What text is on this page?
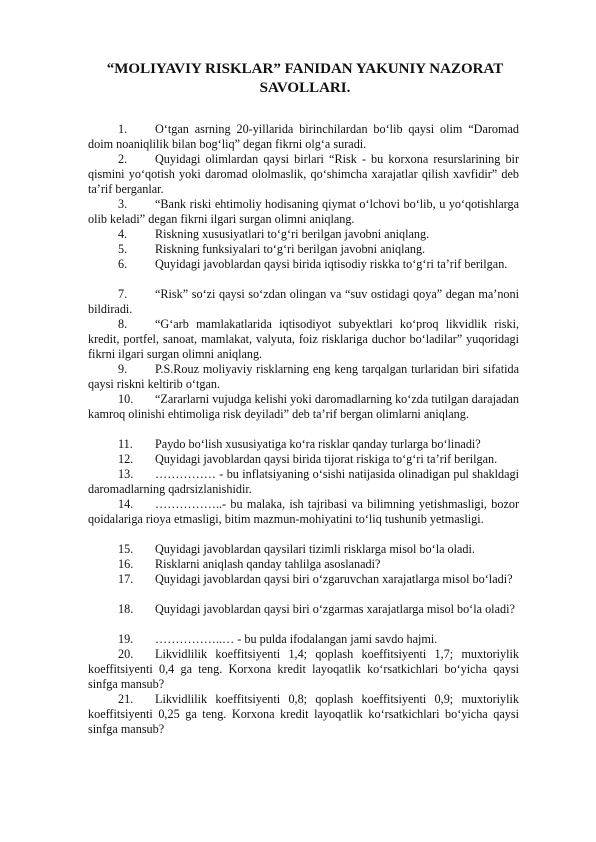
“MOLIYAVIY RISKLAR” FANIDAN YAKUNIY NAZORAT SAVOLLARI.
1. Oʻtgan asrning 20-yillarida birinchilardan boʻlib qaysi olim “Daromad doim noaniqlilik bilan bogʻliq” degan fikrni olgʻa suradi.
2. Quyidagi olimlardan qaysi birlari “Risk - bu korxona resurslarining bir qismini yoʻqotish yoki daromad ololmaslik, qoʻshimcha xarajatlar qilish xavfidir” deb taʼrif berganlar.
3. “Bank riski ehtimoliy hodisaning qiymat oʻlchovi boʻlib, u yoʻqotishlarga olib keladi” degan fikrni ilgari surgan olimni aniqlang.
4. Riskning xususiyatlari toʻgʻri berilgan javobni aniqlang.
5. Riskning funksiyalari toʻgʻri berilgan javobni aniqlang.
6. Quyidagi javoblardan qaysi birida iqtisodiy riskka toʻgʻri taʼrif berilgan.
7. “Risk” soʻzi qaysi soʻzdan olingan va “suv ostidagi qoya” degan maʼnoni bildiradi.
8. “Gʻarb mamlakatlarida iqtisodiyot subyektlari koʻproq likvidlik riski, kredit, portfel, sanoat, mamlakat, valyuta, foiz risklariga duchor boʻladilar” yuqoridagi fikrni ilgari surgan olimni aniqlang.
9. P.S.Rouz moliyaviy risklarning eng keng tarqalgan turlaridan biri sifatida qaysi riskni keltirib oʻtgan.
10. “Zararlarni vujudga kelishi yoki daromadlarning koʻzda tutilgan darajadan kamroq olinishi ehtimoliga risk deyiladi” deb taʼrif bergan olimlarni aniqlang.
11. Paydo boʻlish xususiyatiga koʻra risklar qanday turlarga boʻlinadi?
12. Quyidagi javoblardan qaysi birida tijorat riskiga toʻgʻri taʼrif berilgan.
13. …………… - bu inflatsiyaning oʻsishi natijasida olinadigan pul shakldagi daromadlarning qadrsizlanishidir.
14. ……………..- bu malaka, ish tajribasi va bilimning yetishmasligi, bozor qoidalariga rioya etmasligi, bitim mazmun-mohiyatini toʻliq tushunib yetmasligi.
15. Quyidagi javoblardan qaysilari tizimli risklarga misol boʻla oladi.
16. Risklarni aniqlash qanday tahlilga asoslanadi?
17. Quyidagi javoblardan qaysi biri oʻzgaruvchan xarajatlarga misol boʻladi?
18. Quyidagi javoblardan qaysi biri oʻzgarmas xarajatlarga misol boʻla oladi?
19. ……………..… - bu pulda ifodalangan jami savdo hajmi.
20. Likvidlilik koeffitsiyenti 1,4; qoplash koeffitsiyenti 1,7; muxtoriylik koeffitsiyenti 0,4 ga teng. Korxona kredit layoqatlik koʻrsatkichlari boʻyicha qaysi sinfga mansub?
21. Likvidlilik koeffitsiyenti 0,8; qoplash koeffitsiyenti 0,9; muxtoriylik koeffitsiyenti 0,25 ga teng. Korxona kredit layoqatlik koʻrsatkichlari boʻyicha qaysi sinfga mansub?
